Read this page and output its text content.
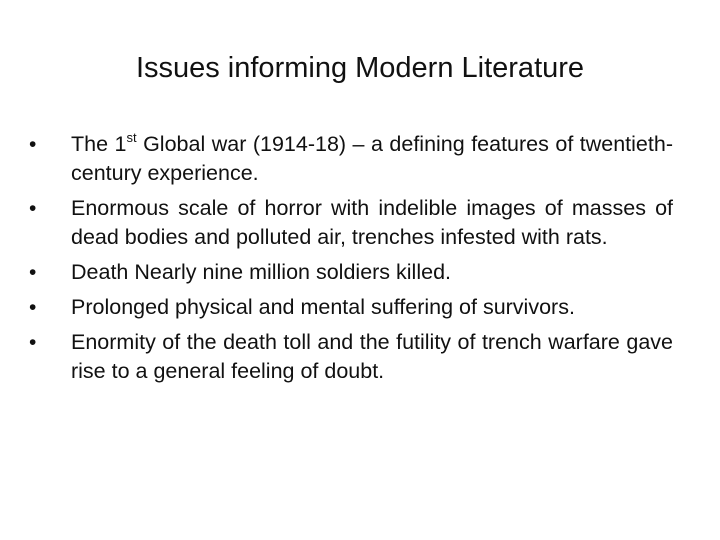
Issues informing Modern Literature
•	The 1st Global war (1914-18) – a defining features of twentieth-century experience.
•	Enormous scale of horror with indelible images of masses of dead bodies and polluted air, trenches infested with rats.
•	Death Nearly nine million soldiers killed.
•	Prolonged physical and mental suffering of survivors.
•	Enormity of the death toll and the futility of trench warfare gave rise to a general feeling of doubt.
